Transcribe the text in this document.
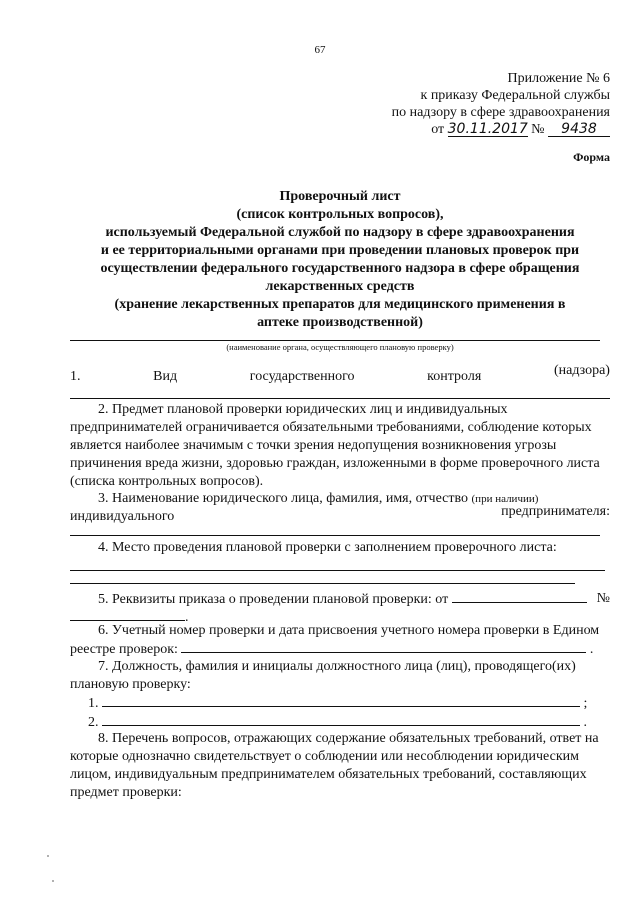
67
Приложение № 6
к приказу Федеральной службы
по надзору в сфере здравоохранения
от 30.11.2017 № 9438
Форма
Проверочный лист
(список контрольных вопросов),
используемый Федеральной службой по надзору в сфере здравоохранения
и ее территориальными органами при проведении плановых проверок при
осуществлении федерального государственного надзора в сфере обращения
лекарственных средств
(хранение лекарственных препаратов для медицинского применения в
аптеке производственной)
(наименование органа, осуществляющего плановую проверку)
1.	Вид	государственного	контроля	(надзора)
2. Предмет плановой проверки юридических лиц и индивидуальных
предпринимателей ограничивается обязательными требованиями, соблюдение которых
является наиболее значимым с точки зрения недопущения возникновения угрозы
причинения вреда жизни, здоровью граждан, изложенными в форме проверочного листа
(списка контрольных вопросов).
3. Наименование юридического лица, фамилия, имя, отчество (при наличии)
индивидуального	предпринимателя:
4. Место проведения плановой проверки с заполнением проверочного листа:
5. Реквизиты приказа о проведении плановой проверки: от	№
.
6. Учетный номер проверки и дата присвоения учетного номера проверки в Едином
реестре проверок:	.
7. Должность, фамилия и инициалы должностного лица (лиц), проводящего(их)
плановую проверку:
1.	;
2.	.
8. Перечень вопросов, отражающих содержание обязательных требований, ответ на
которые однозначно свидетельствует о соблюдении или несоблюдении юридическим
лицом, индивидуальным предпринимателем обязательных требований, составляющих
предмет проверки:
